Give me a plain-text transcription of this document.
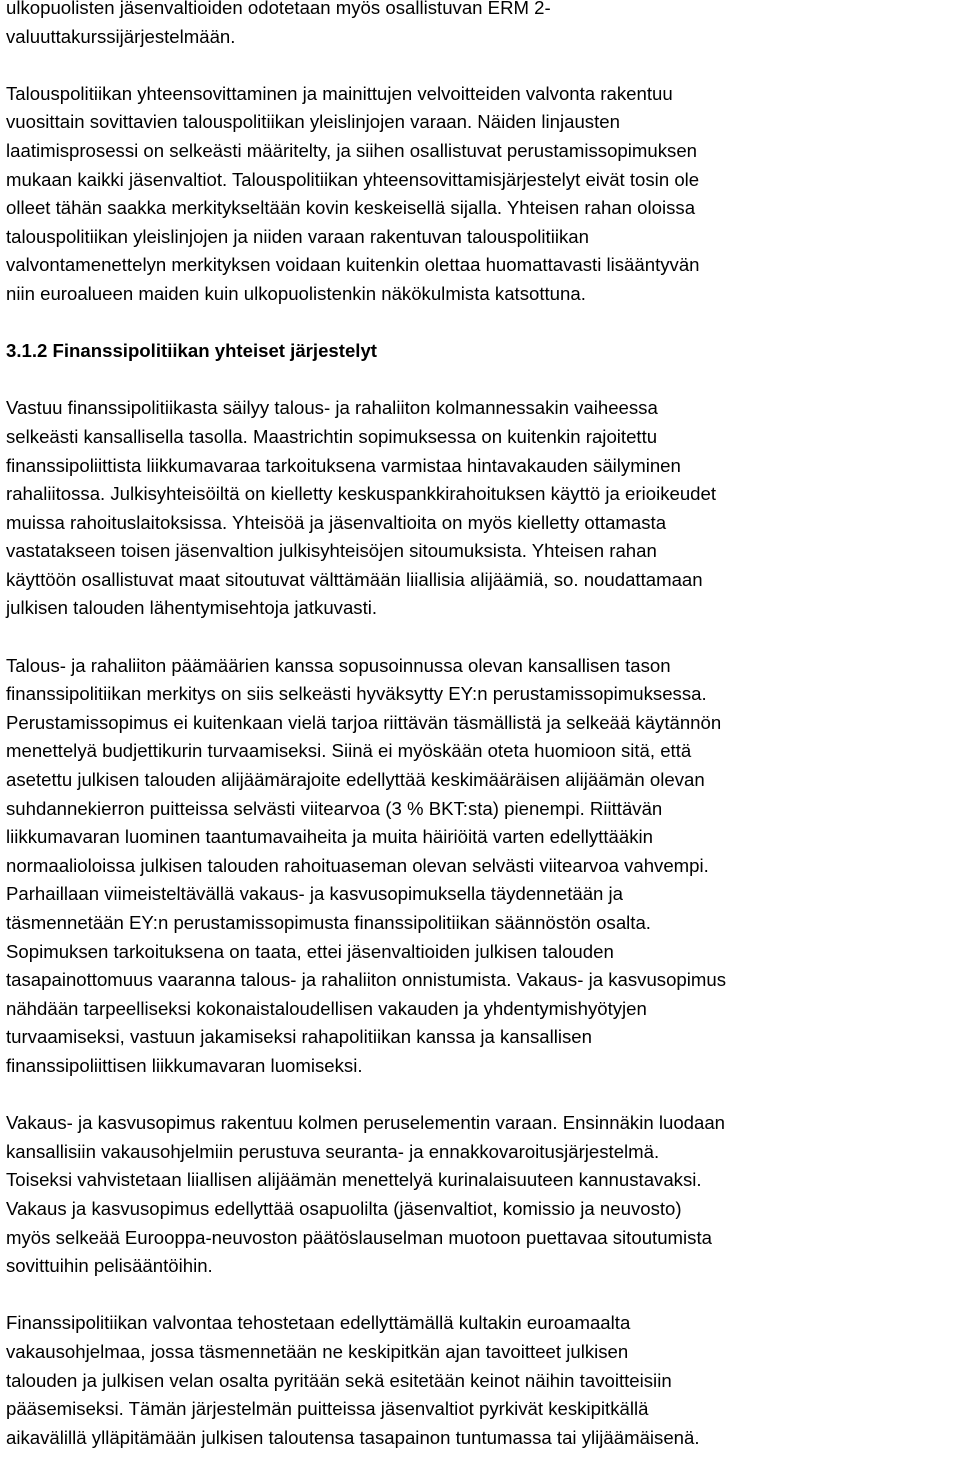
ulkopuolisten jäsenvaltioiden odotetaan myös osallistuvan ERM 2-
valuuttakurssijärjestelmään.
Talouspolitiikan yhteensovittaminen ja mainittujen velvoitteiden valvonta rakentuu
vuosittain sovittavien talouspolitiikan yleislinjojen varaan. Näiden linjausten
laatimisprosessi on selkeästi määritelty, ja siihen osallistuvat perustamissopimuksen
mukaan kaikki jäsenvaltiot. Talouspolitiikan yhteensovittamisjärjestelyt eivät tosin ole
olleet tähän saakka merkitykseltään kovin keskeisellä sijalla. Yhteisen rahan oloissa
talouspolitiikan yleislinjojen ja niiden varaan rakentuvan talouspolitiikan
valvontamenettelyn merkityksen voidaan kuitenkin olettaa huomattavasti lisääntyvän
niin euroalueen maiden kuin ulkopuolistenkin näkökulmista katsottuna.
3.1.2 Finanssipolitiikan yhteiset järjestelyt
Vastuu finanssipolitiikasta säilyy talous- ja rahaliiton kolmannessakin vaiheessa
selkeästi kansallisella tasolla. Maastrichtin sopimuksessa on kuitenkin rajoitettu
finanssipoliittista liikkumavaraa tarkoituksena varmistaa hintavakauden säilyminen
rahaliitossa. Julkisyhteisöiltä on kielletty keskuspankkirahoituksen käyttö ja erioikeudet
muissa rahoituslaitoksissa. Yhteisöä ja jäsenvaltioita on myös kielletty ottamasta
vastatakseen toisen jäsenvaltion julkisyhteisöjen sitoumuksista. Yhteisen rahan
käyttöön osallistuvat maat sitoutuvat välttämään liiallisia alijäämiä, so. noudattamaan
julkisen talouden lähentymisehtoja jatkuvasti.
Talous- ja rahaliiton päämäärien kanssa sopusoinnussa olevan kansallisen tason
finanssipolitiikan merkitys on siis selkeästi hyväksytty EY:n perustamissopimuksessa.
Perustamissopimus ei kuitenkaan vielä tarjoa riittävän täsmällistä ja selkeää käytännön
menettelyä budjettikurin turvaamiseksi. Siinä ei myöskään oteta huomioon sitä, että
asetettu julkisen talouden alijäämärajoite edellyttää keskimääräisen alijäämän olevan
suhdannekierron puitteissa selvästi viitearvoa (3 % BKT:sta) pienempi. Riittävän
liikkumavaran luominen taantumavaiheita ja muita häiriöitä varten edellyttääkin
normaalioloissa julkisen talouden rahoituaseman olevan selvästi viitearvoa vahvempi.
Parhaillaan viimeisteltävällä vakaus- ja kasvusopimuksella täydennetään ja
täsmennetään EY:n perustamissopimusta finanssipolitiikan säännöstön osalta.
Sopimuksen tarkoituksena on taata, ettei jäsenvaltioiden julkisen talouden
tasapainottomuus vaaranna talous- ja rahaliiton onnistumista. Vakaus- ja kasvusopimus
nähdään tarpeelliseksi kokonaistaloudellisen vakauden ja yhdentymishyötyjen
turvaamiseksi, vastuun jakamiseksi rahapolitiikan kanssa ja kansallisen
finanssipoliittisen liikkumavaran luomiseksi.
Vakaus- ja kasvusopimus rakentuu kolmen peruselementin varaan. Ensinnäkin luodaan
kansallisiin vakausohjelmiin perustuva seuranta- ja ennakkovaroitusjärjestelmä.
Toiseksi vahvistetaan liiallisen alijäämän menettelyä kurinalaisuuteen kannustavaksi.
Vakaus ja kasvusopimus edellyttää osapuolilta (jäsenvaltiot, komissio ja neuvosto)
myös selkeää Eurooppa-neuvoston päätöslauselman muotoon puettavaa sitoutumista
sovittuihin pelisääntöihin.
Finanssipolitiikan valvontaa tehostetaan edellyttämällä kultakin euroamaalta
vakausohjelmaa, jossa täsmennetään ne keskipitkän ajan tavoitteet julkisen
talouden ja julkisen velan osalta pyritään sekä esitetään keinot näihin tavoitteisiin
pääsemiseksi. Tämän järjestelmän puitteissa jäsenvaltiot pyrkivät keskipitkällä
aikavälillä ylläpitämään julkisen taloutensa tasapainon tuntumassa tai ylijäämäisenä.
